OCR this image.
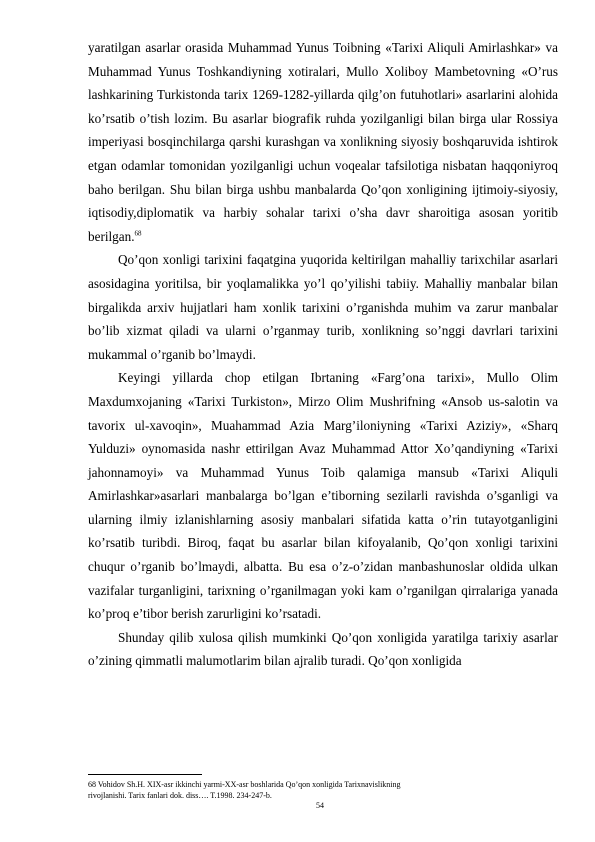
yaratilgan asarlar orasida Muhammad Yunus Toibning «Tarixi Aliquli Amirlashkar» va Muhammad Yunus Toshkandiyning xotiralari, Mullo Xoliboy Mambetovning «O’rus lashkarining Turkistonda tarix 1269-1282-yillarda qilg’on futuhotlari» asarlarini alohida ko’rsatib o’tish lozim. Bu asarlar biografik ruhda yozilganligi bilan birga ular Rossiya imperiyasi bosqinchilarga qarshi kurashgan va xonlikning siyosiy boshqaruvida ishtirok etgan odamlar tomonidan yozilganligi uchun voqealar tafsilotiga nisbatan haqqoniyroq baho berilgan. Shu bilan birga ushbu manbalarda Qo’qon xonligining ijtimoiy-siyosiy, iqtisodiy,diplomatik va harbiy sohalar tarixi o’sha davr sharoitiga asosan yoritib berilgan.$^{68}$

Qo’qon xonligi tarixini faqatgina yuqorida keltirilgan mahalliy tarixchilar asarlari asosidagina yoritilsa, bir yoqlamalikka yo’l qo’yilishi tabiiy. Mahalliy manbalar bilan birgalikda arxiv hujjatlari ham xonlik tarixini o’rganishda muhim va zarur manbalar bo’lib xizmat qiladi va ularni o’rganmay turib, xonlikning so’nggi davrlari tarixini mukammal o’rganib bo’lmaydi.

Keyingi yillarda chop etilgan Ibrtaning «Farg’ona tarixi», Mullo Olim Maxdumxojaning «Tarixi Turkiston», Mirzo Olim Mushrifning «Ansob us-salotin va tavorix ul-xavoqin», Muahammad Azia Marg’iloniyning «Tarixi Aziziy», «Sharq Yulduzi» oynomasida nashr ettirilgan Avaz Muhammad Attor Xo’qandiyning «Tarixi jahonnamoyi» va Muhammad Yunus Toib qalamiga mansub «Tarixi Aliquli Amirlashkar»asarlari manbalarga bo’lgan e’tiborning sezilarli ravishda o’sganligi va ularning ilmiy izlanishlarning asosiy manbalari sifatida katta o’rin tutayotganligini ko’rsatib turibdi. Biroq, faqat bu asarlar bilan kifoyalanib, Qo’qon xonligi tarixini chuqur o’rganib bo’lmaydi, albatta. Bu esa o’z-o’zidan manbashunoslar oldida ulkan vazifalar turganligini, tarixning o’rganilmagan yoki kam o’rganilgan qirralariga yanada ko’proq e’tibor berish zarurligini ko’rsatadi.

Shunday qilib xulosa qilish mumkinki Qo’qon xonligida yaratilga tarixiy asarlar o’zining qimmatli malumotlarim bilan ajralib turadi. Qo’qon xonligida

68 Vohidov Sh.H. XIX-asr ikkinchi yarmi-XX-asr boshlarida Qo’qon xonligida Tarixnavislikning
rivojlanishi. Tarix fanlari dok. diss…. T.1998. 234-247-b.
54
